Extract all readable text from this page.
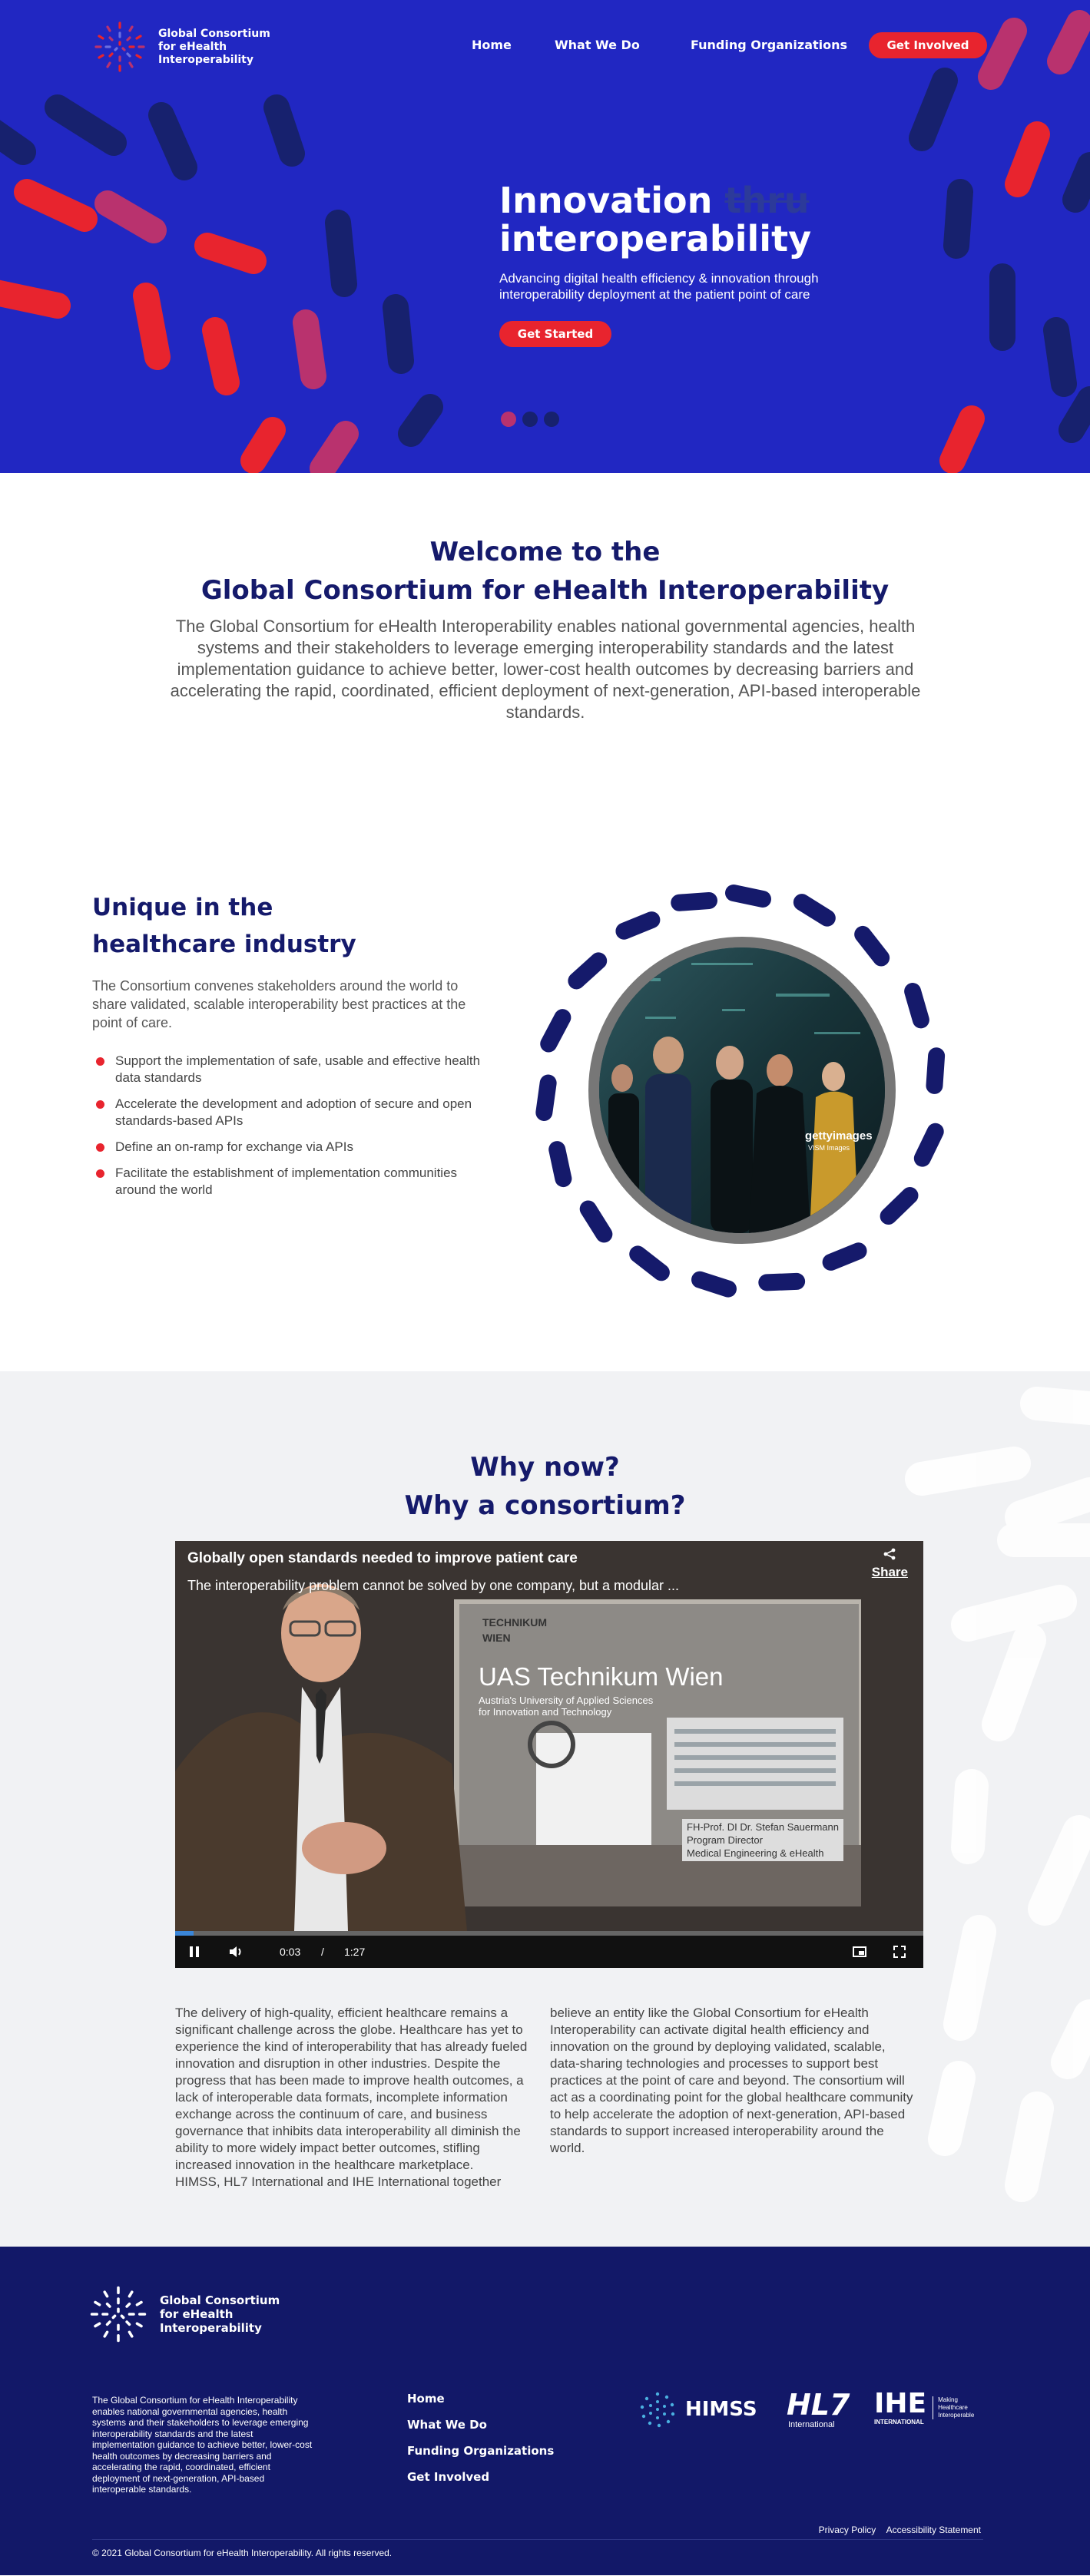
Global Consortium
for eHealth
Interoperability
Home	What We Do	Funding Organizations	Get Involved
Innovation thru
interoperability

Advancing digital health efficiency & innovation through interoperability deployment at the patient point of care

Get Started
Welcome to the
Global Consortium for eHealth Interoperability

The Global Consortium for eHealth Interoperability enables national governmental agencies, health systems and their stakeholders to leverage emerging interoperability standards and the latest implementation guidance to achieve better, lower-cost health outcomes by decreasing barriers and accelerating the rapid, coordinated, efficient deployment of next-generation, API-based interoperable standards.

Unique in the
healthcare industry

The Consortium convenes stakeholders around the world to share validated, scalable interoperability best practices at the point of care.

Support the implementation of safe, usable and effective health data standards
Accelerate the development and adoption of secure and open standards-based APIs
Define an on-ramp for exchange via APIs
Facilitate the establishment of implementation communities around the world
gettyimages
VISM Images
Why now?
Why a consortium?
Globally open standards needed to improve patient care
The interoperability problem cannot be solved by one company, but a modular ...
Share
TECHNIKUM
WIEN
UAS Technikum Wien
Austria's University of Applied Sciences
for Innovation and Technology
FH-Prof. DI Dr. Stefan Sauermann
Program Director
Medical Engineering & eHealth
0:03 / 1:27

The delivery of high-quality, efficient healthcare remains a significant challenge across the globe. Healthcare has yet to experience the kind of interoperability that has already fueled innovation and disruption in other industries. Despite the progress that has been made to improve health outcomes, a lack of interoperable data formats, incomplete information exchange across the continuum of care, and business governance that inhibits data interoperability all diminish the ability to more widely impact better outcomes, stifling increased innovation in the healthcare marketplace.

HIMSS, HL7 International and IHE International together

believe an entity like the Global Consortium for eHealth Interoperability can activate digital health efficiency and innovation on the ground by deploying validated, scalable, data-sharing technologies and processes to support best practices at the point of care and beyond. The consortium will act as a coordinating point for the global healthcare community to help accelerate the adoption of next-generation, API-based standards to support increased interoperability around the world.

Global Consortium
for eHealth
Interoperability

The Global Consortium for eHealth Interoperability enables national governmental agencies, health systems and their stakeholders to leverage emerging interoperability standards and the latest implementation guidance to achieve better, lower-cost health outcomes by decreasing barriers and accelerating the rapid, coordinated, efficient deployment of next-generation, API-based interoperable standards.

Home
What We Do
Funding Organizations
Get Involved
HIMSS HL7
International
IHE
INTERNATIONAL
Making
Healthcare
Interoperable
Privacy Policy Accessibility Statement
© 2021 Global Consortium for eHealth Interoperability. All rights reserved.
